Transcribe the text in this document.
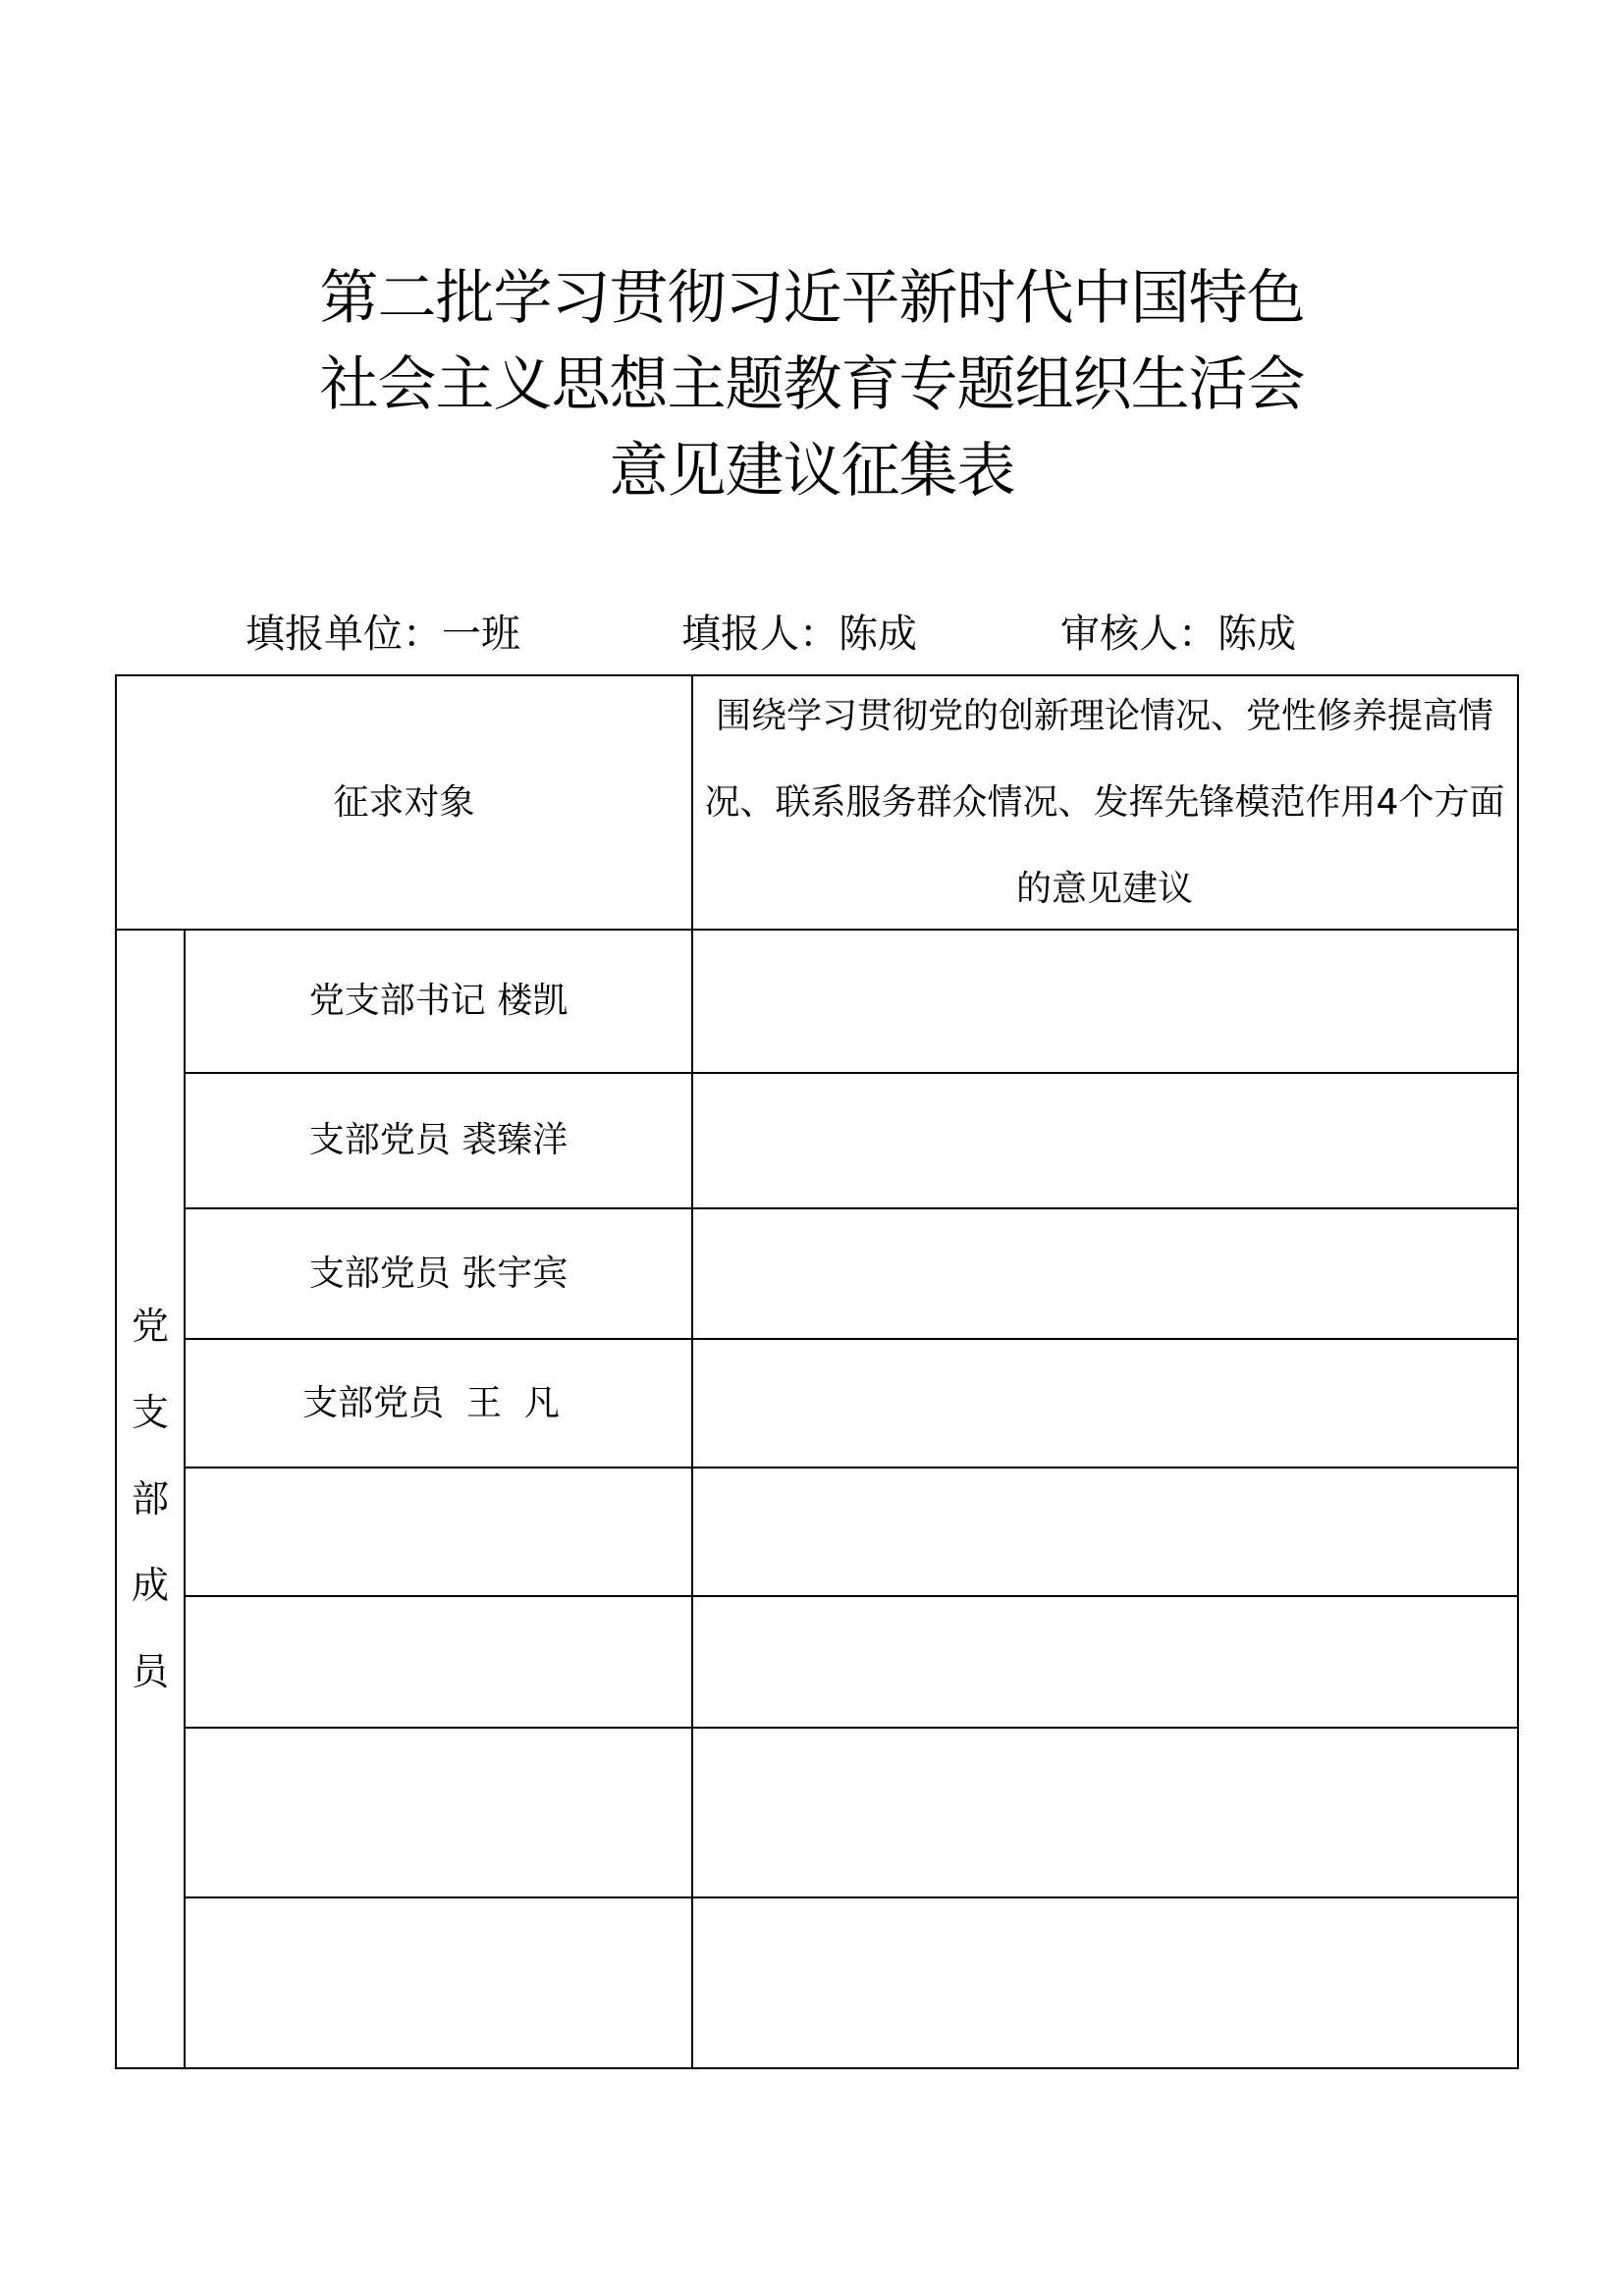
第二批学习贯彻习近平新时代中国特色
社会主义思想主题教育专题组织生活会
意见建议征集表
填报单位：一班	填报人：陈成	审核人：陈成
征求对象
围绕学习贯彻党的创新理论情况、党性修养提高情况、联系服务群众情况、发挥先锋模范作用4个方面的意见建议
党支部成员
党支部书记 楼凯
支部党员 裘臻洋
支部党员 张宇宾
支部党员  王  凡
